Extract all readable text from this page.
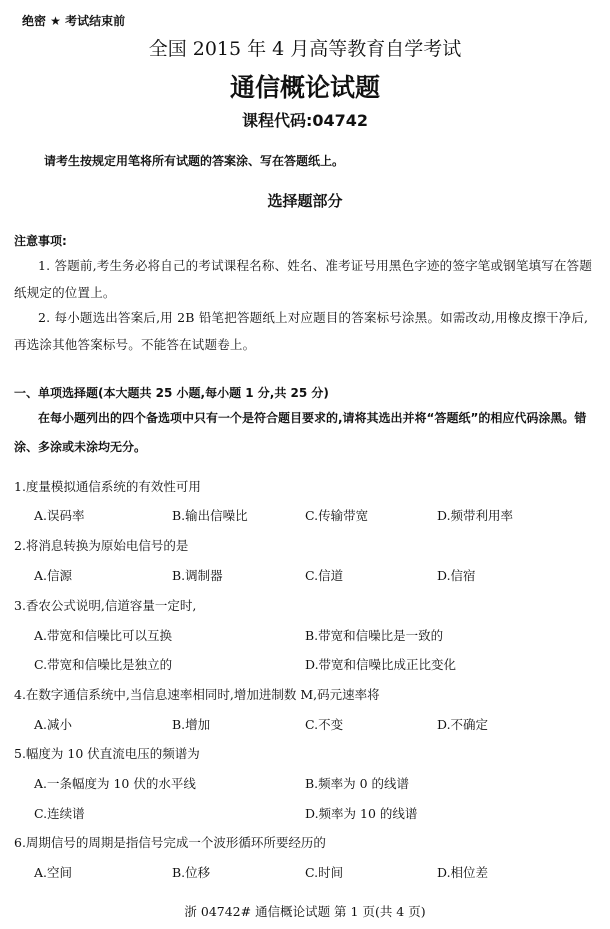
绝密 ★ 考试结束前
全国 2015 年 4 月高等教育自学考试
通信概论试题
课程代码:04742
请考生按规定用笔将所有试题的答案涂、写在答题纸上。
选择题部分
注意事项:
1. 答题前,考生务必将自己的考试课程名称、姓名、准考证号用黑色字迹的签字笔或钢笔填写在答题纸规定的位置上。
2. 每小题选出答案后,用 2B 铅笔把答题纸上对应题目的答案标号涂黑。如需改动,用橡皮擦干净后,再选涂其他答案标号。不能答在试题卷上。
一、单项选择题(本大题共 25 小题,每小题 1 分,共 25 分)
在每小题列出的四个备选项中只有一个是符合题目要求的,请将其选出并将“答题纸”的相应代码涂黑。错涂、多涂或未涂均无分。
1.度量模拟通信系统的有效性可用
A.误码率	B.输出信噪比	C.传输带宽	D.频带利用率
2.将消息转换为原始电信号的是
A.信源	B.调制器	C.信道	D.信宿
3.香农公式说明,信道容量一定时,
A.带宽和信噪比可以互换	B.带宽和信噪比是一致的
C.带宽和信噪比是独立的	D.带宽和信噪比成正比变化
4.在数字通信系统中,当信息速率相同时,增加进制数 M,码元速率将
A.减小	B.增加	C.不变	D.不确定
5.幅度为 10 伏直流电压的频谱为
A.一条幅度为 10 伏的水平线	B.频率为 0 的线谱
C.连续谱	D.频率为 10 的线谱
6.周期信号的周期是指信号完成一个波形循环所要经历的
A.空间	B.位移	C.时间	D.相位差
浙 04742# 通信概论试题 第 1 页(共 4 页)
